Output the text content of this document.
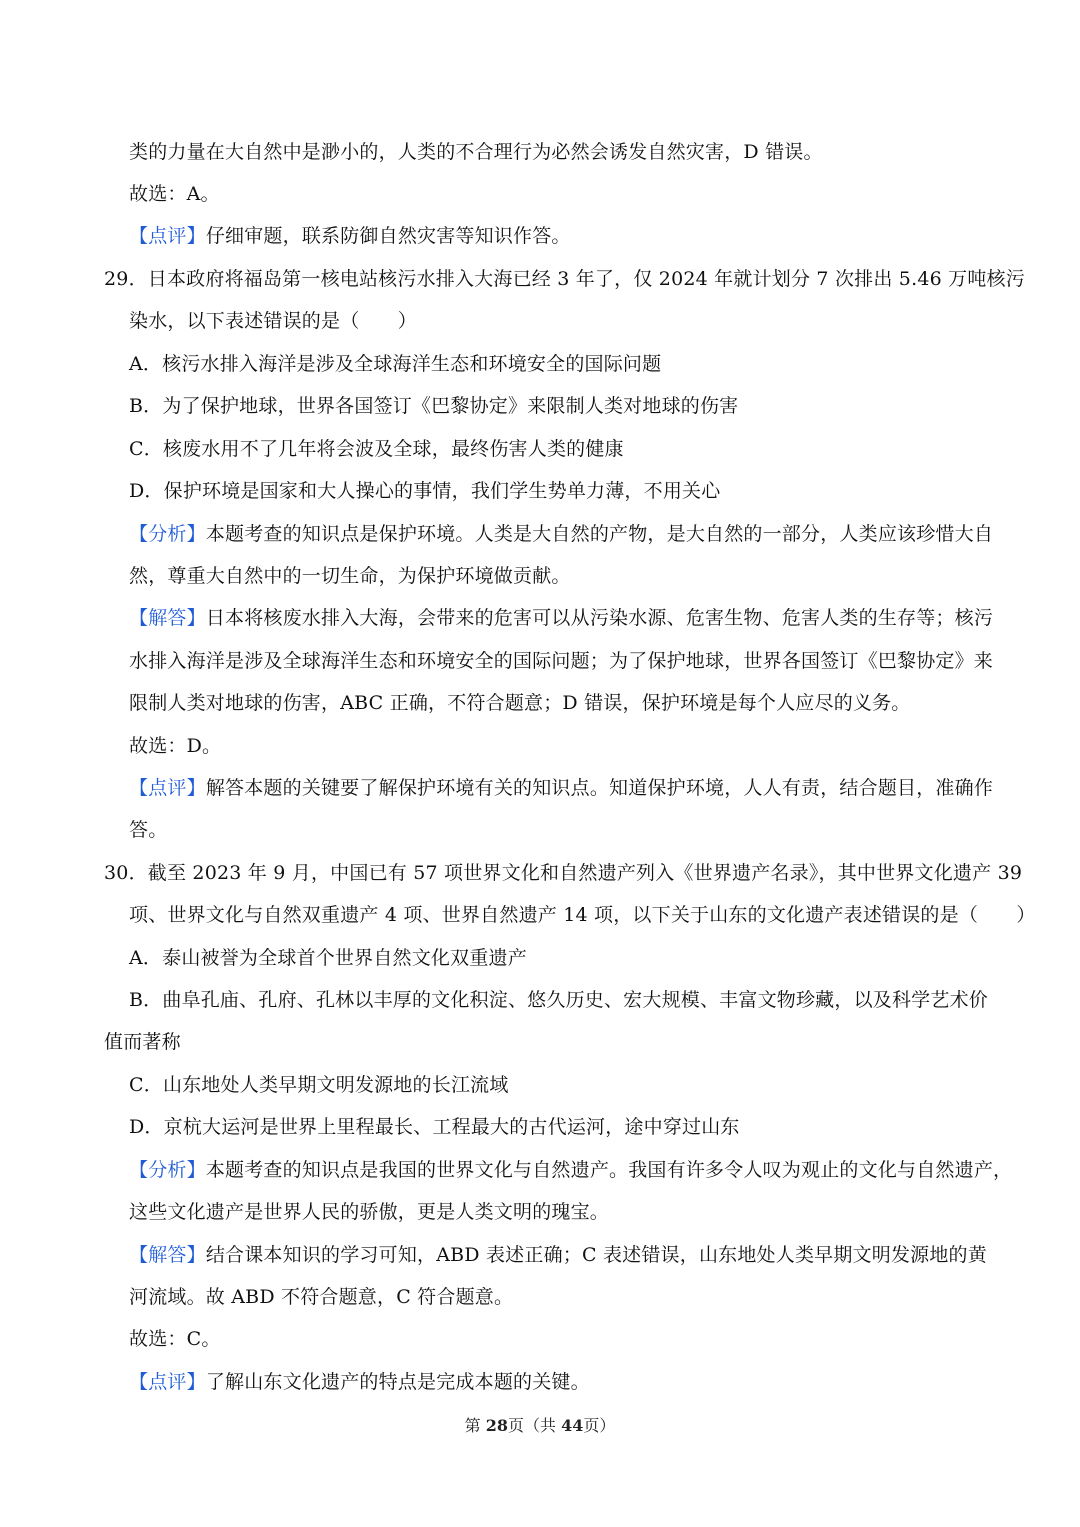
类的力量在大自然中是渺小的，人类的不合理行为必然会诱发自然灾害，D 错误。
故选：A。
【点评】仔细审题，联系防御自然灾害等知识作答。
29．日本政府将福岛第一核电站核污水排入大海已经 3 年了，仅 2024 年就计划分 7 次排出 5.46 万吨核污
染水，以下表述错误的是（　　）
A．核污水排入海洋是涉及全球海洋生态和环境安全的国际问题
B．为了保护地球，世界各国签订《巴黎协定》来限制人类对地球的伤害
C．核废水用不了几年将会波及全球，最终伤害人类的健康
D．保护环境是国家和大人操心的事情，我们学生势单力薄，不用关心
【分析】本题考查的知识点是保护环境。人类是大自然的产物，是大自然的一部分，人类应该珍惜大自
然，尊重大自然中的一切生命，为保护环境做贡献。
【解答】日本将核废水排入大海，会带来的危害可以从污染水源、危害生物、危害人类的生存等；核污
水排入海洋是涉及全球海洋生态和环境安全的国际问题；为了保护地球，世界各国签订《巴黎协定》来
限制人类对地球的伤害，ABC 正确，不符合题意；D 错误，保护环境是每个人应尽的义务。
故选：D。
【点评】解答本题的关键要了解保护环境有关的知识点。知道保护环境，人人有责，结合题目，准确作
答。
30．截至 2023 年 9 月，中国已有 57 项世界文化和自然遗产列入《世界遗产名录》，其中世界文化遗产 39
项、世界文化与自然双重遗产 4 项、世界自然遗产 14 项，以下关于山东的文化遗产表述错误的是（　　）
A．泰山被誉为全球首个世界自然文化双重遗产
B．曲阜孔庙、孔府、孔林以丰厚的文化积淀、悠久历史、宏大规模、丰富文物珍藏，以及科学艺术价
值而著称
C．山东地处人类早期文明发源地的长江流域
D．京杭大运河是世界上里程最长、工程最大的古代运河，途中穿过山东
【分析】本题考查的知识点是我国的世界文化与自然遗产。我国有许多令人叹为观止的文化与自然遗产，
这些文化遗产是世界人民的骄傲，更是人类文明的瑰宝。
【解答】结合课本知识的学习可知，ABD 表述正确；C 表述错误，山东地处人类早期文明发源地的黄
河流域。故 ABD 不符合题意，C 符合题意。
故选：C。
【点评】了解山东文化遗产的特点是完成本题的关键。
第 28页（共 44页）
